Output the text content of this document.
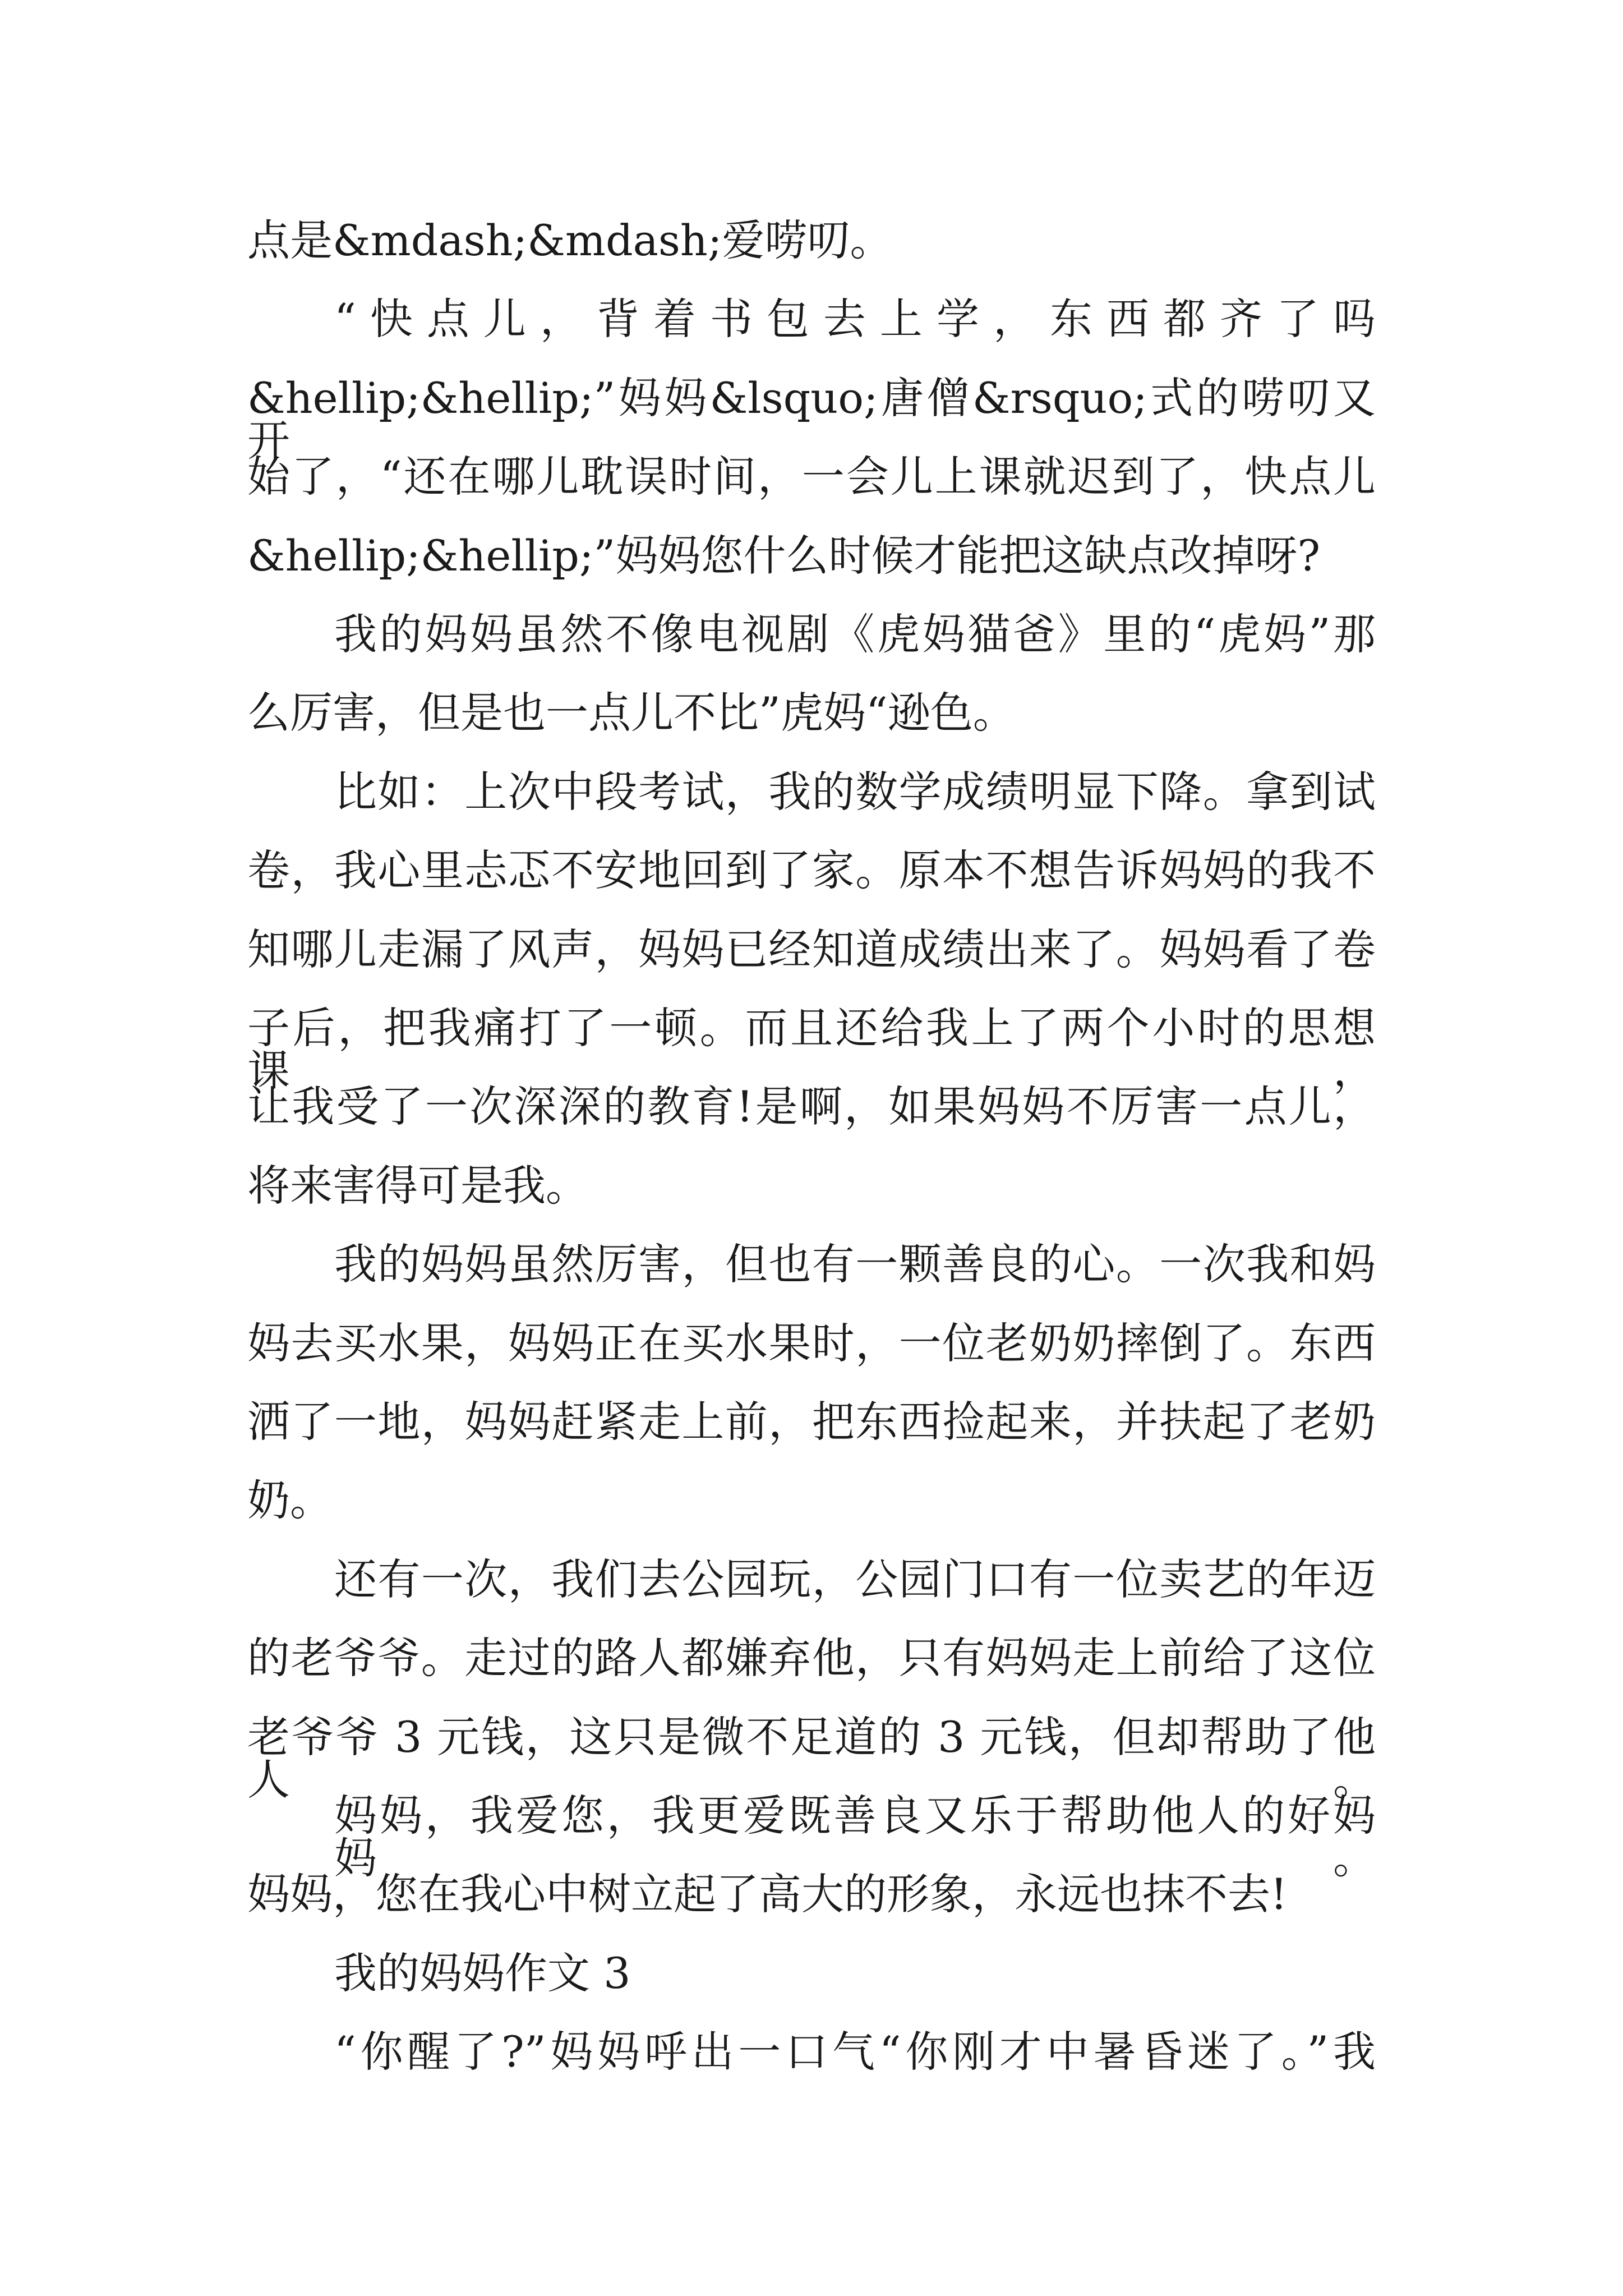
点是&mdash;&mdash;爱唠叨。

“快点儿，背着书包去上学，东西都齐了吗

&hellip;&hellip;”妈妈&lsquo;唐僧&rsquo;式的唠叨又开

始了，“还在哪儿耽误时间，一会儿上课就迟到了，快点儿

&hellip;&hellip;”妈妈您什么时候才能把这缺点改掉呀?

我的妈妈虽然不像电视剧《虎妈猫爸》里的“虎妈”那

么厉害，但是也一点儿不比”虎妈“逊色。

比如：上次中段考试，我的数学成绩明显下降。拿到试

卷，我心里忐忑不安地回到了家。原本不想告诉妈妈的我不

知哪儿走漏了风声，妈妈已经知道成绩出来了。妈妈看了卷

子后，把我痛打了一顿。而且还给我上了两个小时的思想课，

让我受了一次深深的教育!是啊，如果妈妈不厉害一点儿，

将来害得可是我。

我的妈妈虽然厉害，但也有一颗善良的心。一次我和妈

妈去买水果，妈妈正在买水果时，一位老奶奶摔倒了。东西

洒了一地，妈妈赶紧走上前，把东西捡起来，并扶起了老奶

奶。

还有一次，我们去公园玩，公园门口有一位卖艺的年迈

的老爷爷。走过的路人都嫌弃他，只有妈妈走上前给了这位

老爷爷 3 元钱，这只是微不足道的 3 元钱，但却帮助了他人。

妈妈，我爱您，我更爱既善良又乐于帮助他人的好妈妈。

妈妈，您在我心中树立起了高大的形象，永远也抹不去!

我的妈妈作文 3

“你醒了?”妈妈呼出一口气“你刚才中暑昏迷了。”我
